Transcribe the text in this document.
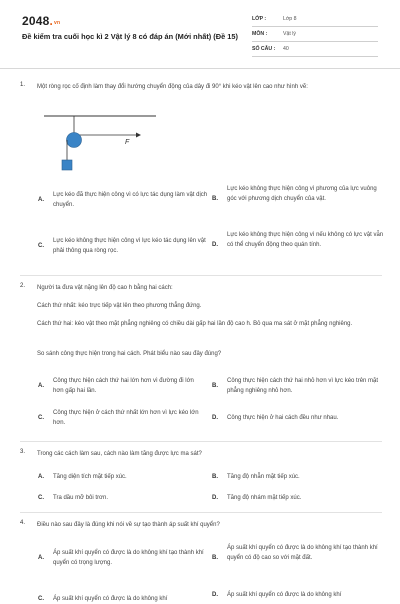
2048.vn
Đề kiểm tra cuối học kì 2 Vật lý 8 có đáp án (Mới nhất) (Đề 15)
LỚP :	Lớp 8
MÔN :	Vật lý
SỐ CÂU : 40
1. Một ròng rọc cố định làm thay đổi hướng chuyển động của dây đi 90° khi kéo vật lên cao như hình vẽ:
F
A.
Lực kéo đã thực hiện công vì có lực tác dụng làm vật dịch chuyển.
B.
Lực kéo không thực hiện công vì phương của lực vuông góc với phương dịch chuyển của vật.
C.
Lực kéo không thực hiện công vì lực kéo tác dụng lên vật phải thông qua ròng rọc.
D.
Lực kéo không thực hiện công vì nếu không có lực vật vẫn có thể chuyển động theo quán tính.
2. Người ta đưa vật nặng lên độ cao h bằng hai cách:
Cách thứ nhất: kéo trực tiếp vật lên theo phương thẳng đứng.
Cách thứ hai: kéo vật theo mặt phẳng nghiêng có chiều dài gấp hai lần độ cao h. Bỏ qua ma sát ở mặt phẳng nghiêng.
So sánh công thực hiện trong hai cách. Phát biểu nào sau đây đúng?
A.
Công thực hiện cách thứ hai lớn hơn vì đường đi lớn hơn gấp hai lần.
B.
Công thực hiện cách thứ hai nhỏ hơn vì lực kéo trên mặt phẳng nghiêng nhỏ hơn.
C.
Công thực hiện ở cách thứ nhất lớn hơn vì lực kéo lớn hơn.
D. Công thực hiện ở hai cách đều như nhau.
3. Trong các cách làm sau, cách nào làm tăng được lực ma sát?
A. Tăng diện tích mặt tiếp xúc.	B. Tăng độ nhẵn mặt tiếp xúc.
C. Tra dầu mỡ bôi trơn.	D. Tăng độ nhám mặt tiếp xúc.
4. Điều nào sau đây là đúng khi nói về sự tạo thành áp suất khí quyển?
A.
Áp suất khí quyển có được là do không khí tạo thành khí quyển có trọng lượng.
B.
Áp suất khí quyển có được là do không khí tạo thành khí quyển có độ cao so với mặt đất.
C. Áp suất khí quyển có được là do không khí
D. Áp suất khí quyển có được là do không khí
